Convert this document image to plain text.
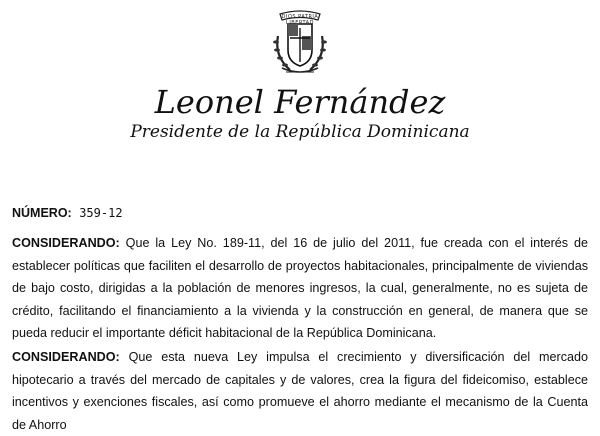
DIOS PATRIA LIBERTAD
Leonel Fernández
Presidente de la República Dominicana
NÚMERO: 359-12

CONSIDERANDO: Que la Ley No. 189-11, del 16 de julio del 2011, fue creada con el interés de establecer políticas que faciliten el desarrollo de proyectos habitacionales, principalmente de viviendas de bajo costo, dirigidas a la población de menores ingresos, la cual, generalmente, no es sujeta de crédito, facilitando el financiamiento a la vivienda y la construcción en general, de manera que se pueda reducir el importante déficit habitacional de la República Dominicana.

CONSIDERANDO: Que esta nueva Ley impulsa el crecimiento y diversificación del mercado hipotecario a través del mercado de capitales y de valores, crea la figura del fideicomiso, establece incentivos y exenciones fiscales, así como promueve el ahorro mediante el mecanismo de la Cuenta de Ahorro
